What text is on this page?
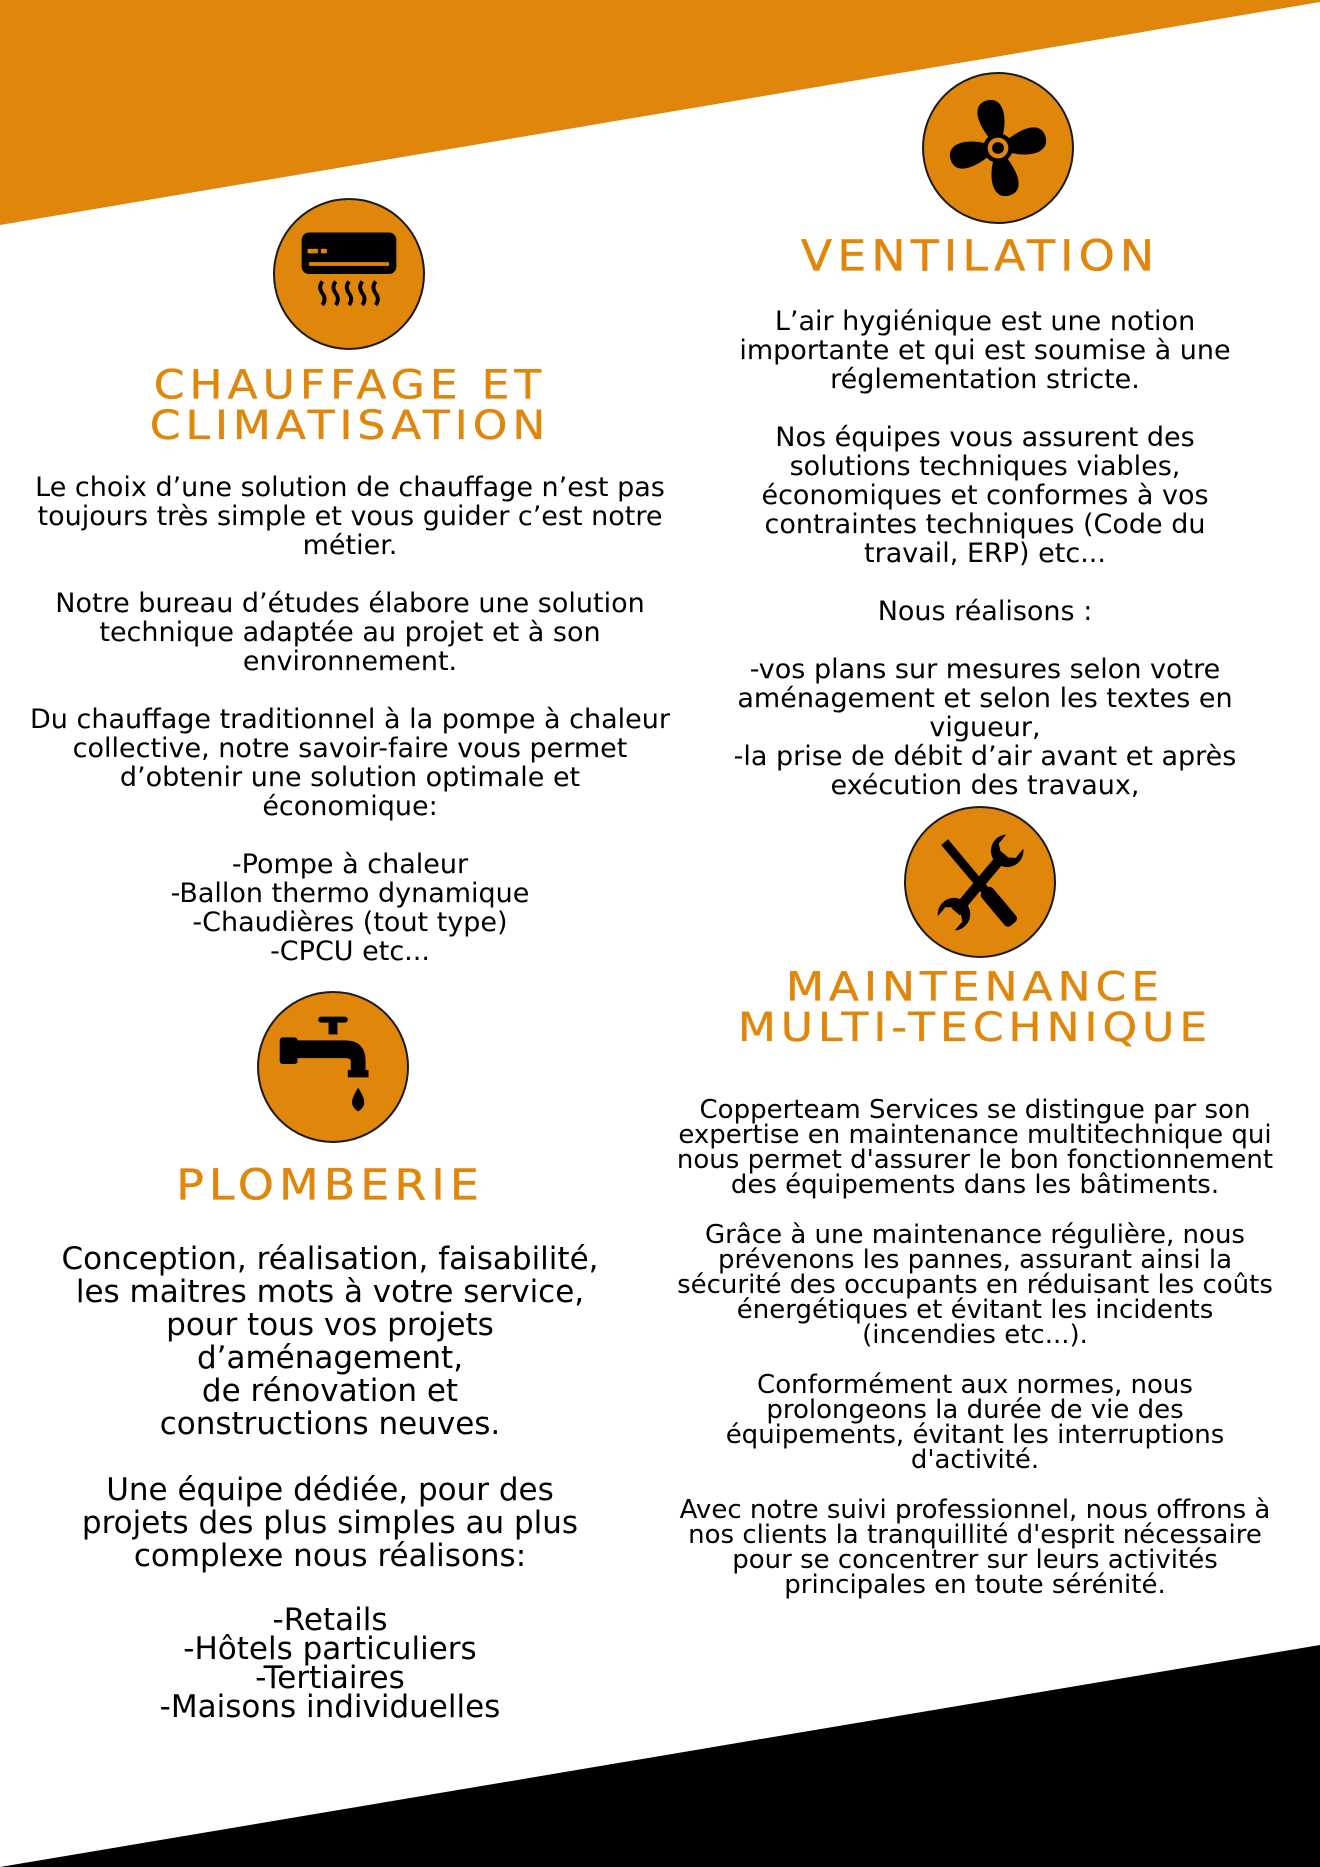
CHAUFFAGE ET
CLIMATISATION

Le choix d’une solution de chauffage n’est pas toujours très simple et vous guider c’est notre métier.

Notre bureau d’études élabore une solution technique adaptée au projet et à son environnement.

Du chauffage traditionnel à la pompe à chaleur collective, notre savoir-faire vous permet d’obtenir une solution optimale et économique:

-Pompe à chaleur

-Ballon thermo dynamique

-Chaudières (tout type)

-CPCU etc...

VENTILATION

L’air hygiénique est une notion importante et qui est soumise à une réglementation stricte.

Nos équipes vous assurent des solutions techniques viables, économiques et conformes à vos contraintes techniques (Code du travail, ERP) etc...

Nous réalisons :

-vos plans sur mesures selon votre aménagement et selon les textes en vigueur,

-la prise de débit d’air avant et après exécution des travaux,

MAINTENANCE
MULTI-TECHNIQUE

Copperteam Services se distingue par son expertise en maintenance multitechnique qui nous permet d'assurer le bon fonctionnement des équipements dans les bâtiments.

Grâce à une maintenance régulière, nous prévenons les pannes, assurant ainsi la sécurité des occupants en réduisant les coûts énergétiques et évitant les incidents (incendies etc...).

Conformément aux normes, nous prolongeons la durée de vie des équipements, évitant les interruptions d'activité.

Avec notre suivi professionnel, nous offrons à nos clients la tranquillité d'esprit nécessaire pour se concentrer sur leurs activités principales en toute sérénité.

PLOMBERIE

Conception, réalisation, faisabilité,

les maitres mots à votre service,

pour tous vos projets

d’aménagement,

de rénovation et

constructions neuves.

Une équipe dédiée, pour des

projets des plus simples au plus

complexe nous réalisons:

-Retails

-Hôtels particuliers

-Tertiaires

-Maisons individuelles
